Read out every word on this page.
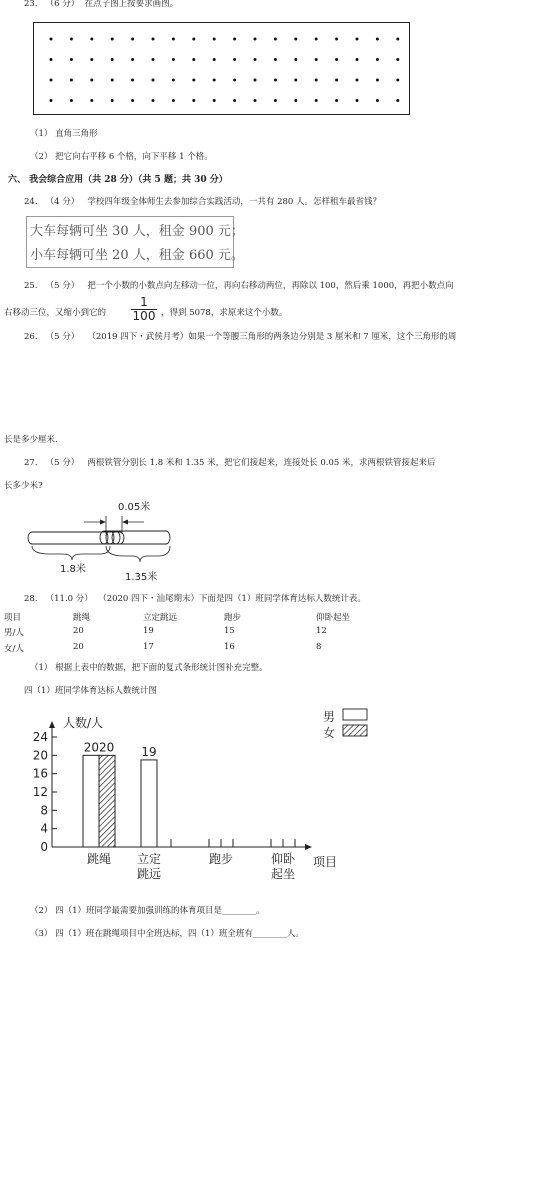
23. （6 分） 在点子图上按要求画图。
（1） 直角三角形
（2） 把它向右平移 6 个格，向下平移 1 个格。
六、 我会综合应用（共 28 分）（共 5 题；共 30 分）
24. （4 分） 学校四年级全体师生去参加综合实践活动，一共有 280 人。怎样租车最省钱？
大车每辆可坐 30 人，租金 900 元；
小车每辆可坐 20 人，租金 660 元。
25. （5 分） 把一个小数的小数点向左移动一位，再向右移动两位，再除以 100，然后乘 1000，再把小数点向
右移动三位，又缩小到它的 $\frac{1}{100}$ ，得到 5078，求原来这个小数。
26. （5 分） （2019 四下・武侯月考）如果一个等腰三角形的两条边分别是 3 厘米和 7 厘米，这个三角形的周
长是多少厘米.
27. （5 分） 两根铁管分别长 1.8 米和 1.35 米，把它们接起来，连接处长 0.05 米，求两根铁管接起来后
长多少米?
0.05米
1.8米
1.35米
28. （11.0 分） （2020 四下・汕尾期末）下面是四（1）班同学体育达标人数统计表。
项目	跳绳	立定跳远	跑步	仰卧起坐
男/人	20	19	15	12
女/人	20	17	16	8
（1） 根据上表中的数据，把下面的复式条形统计图补充完整。
四（1）班同学体育达标人数统计图
人数/人
0
4
8
12
16
20
24
2020 19
跳绳 立定
跳远
跑步	仰卧
起坐
项目
男
女
（2） 四（1）班同学最需要加强训练的体育项目是________。
（3） 四（1）班在跳绳项目中全班达标，四（1）班全班有________人。
